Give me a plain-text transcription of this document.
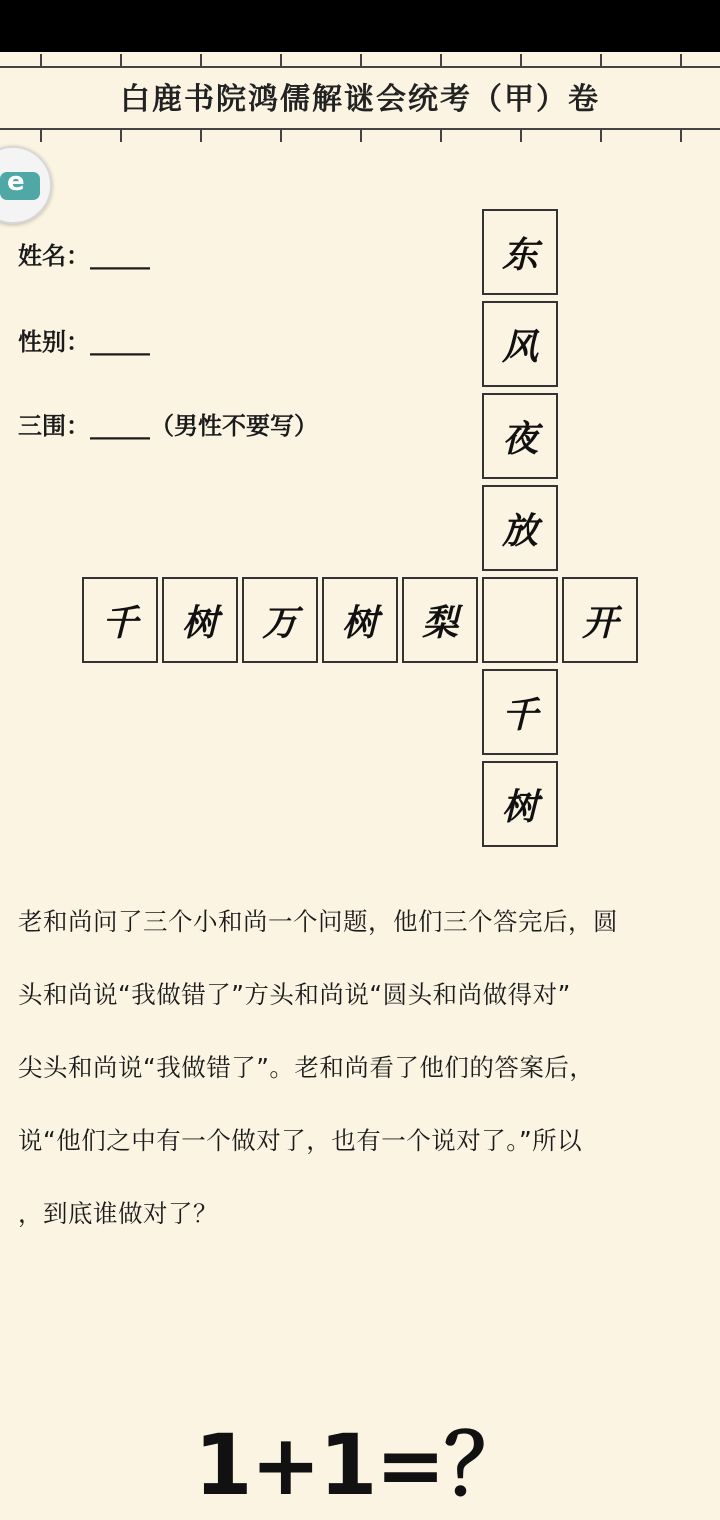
白鹿书院鸿儒解谜会统考（甲）卷
e
姓名：_____
性别：_____
三围：_____（男性不要写）
东
风
夜
放
千
树
千	树	万	树	梨	开

老和尚问了三个小和尚一个问题，他们三个答完后，圆

头和尚说“我做错了”方头和尚说“圆头和尚做得对”

尖头和尚说“我做错了”。老和尚看了他们的答案后，

说“他们之中有一个做对了，也有一个说对了。”所以

，到底谁做对了？

1+1=？
